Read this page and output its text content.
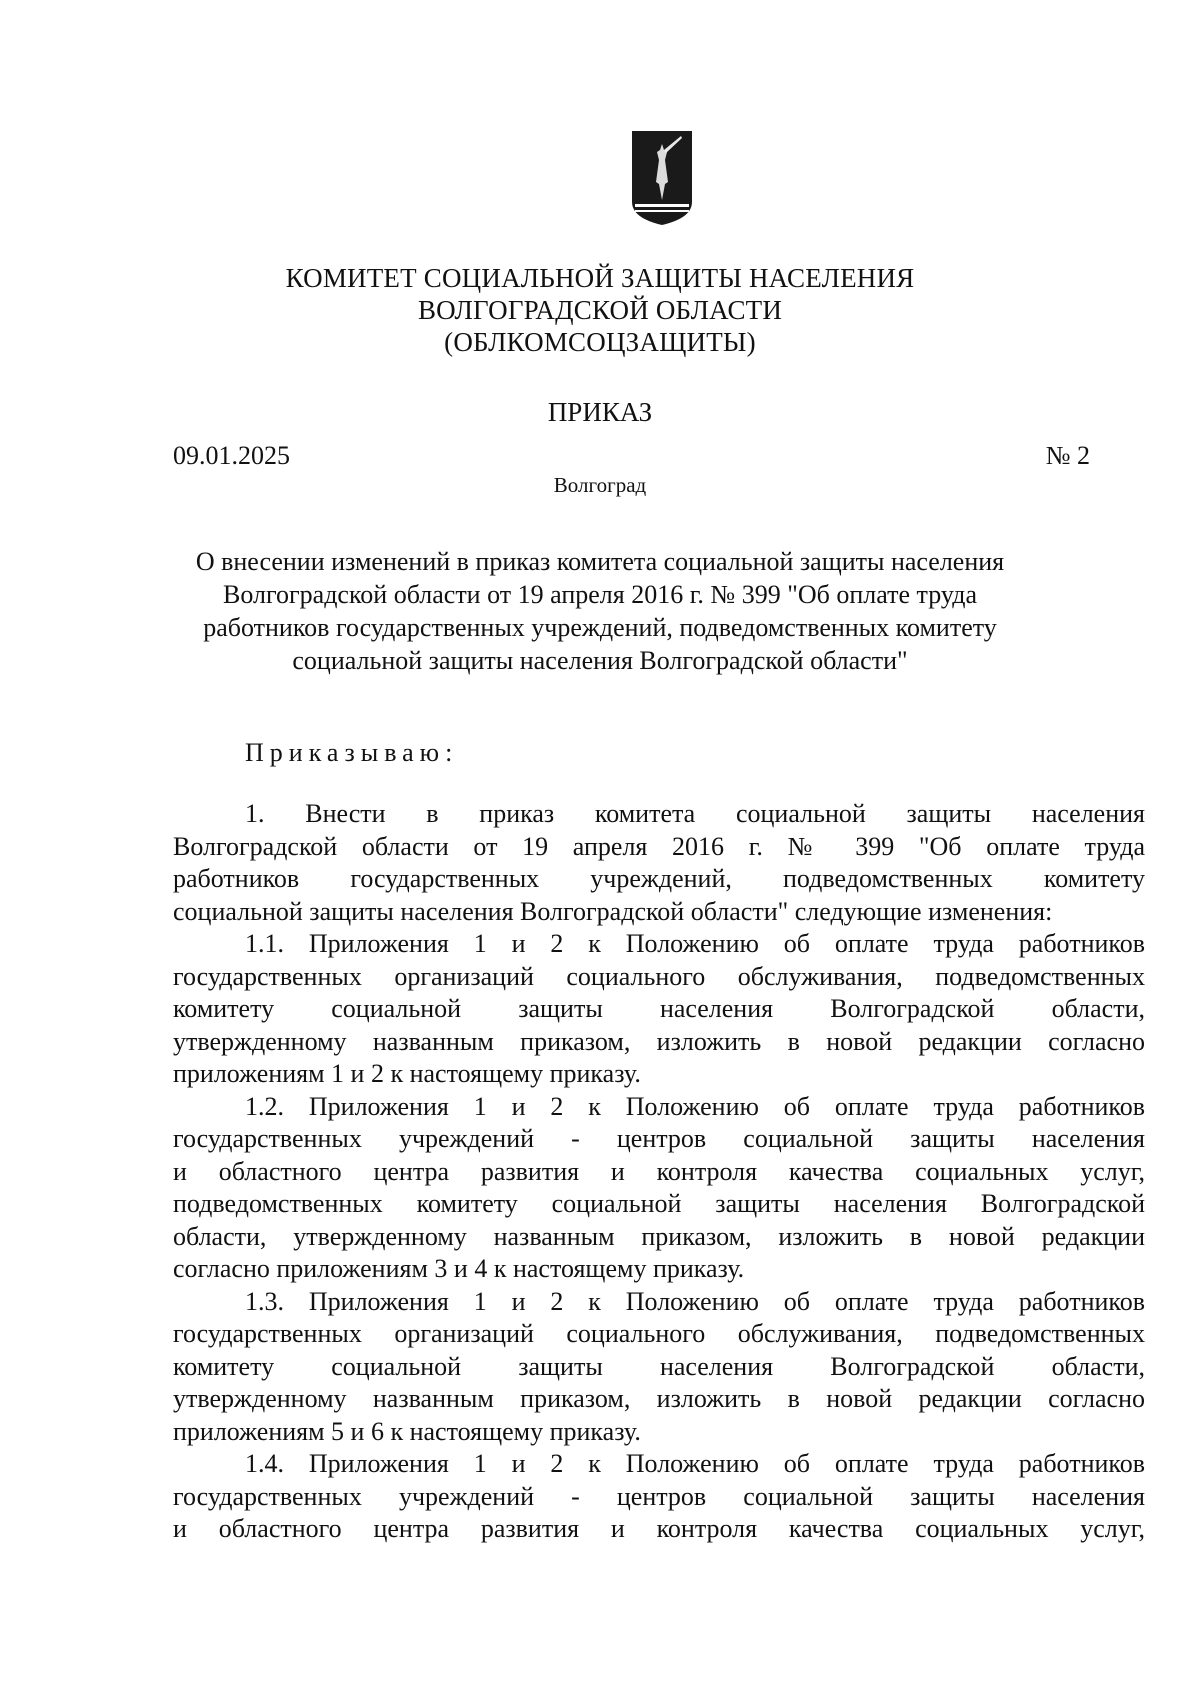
КОМИТЕТ СОЦИАЛЬНОЙ ЗАЩИТЫ НАСЕЛЕНИЯ
ВОЛГОГРАДСКОЙ ОБЛАСТИ
(ОБЛКОМСОЦЗАЩИТЫ)
ПРИКАЗ
09.01.2025	№ 2
Волгоград
О внесении изменений в приказ комитета социальной защиты населения
Волгоградской области от 19 апреля 2016 г. № 399 "Об оплате труда
работников государственных учреждений, подведомственных комитету
социальной защиты населения Волгоградской области"
Приказываю:
1. Внести в приказ комитета социальной защиты населения
Волгоградской области от 19 апреля 2016 г. № 399 "Об оплате труда
работников государственных учреждений, подведомственных комитету
социальной защиты населения Волгоградской области" следующие изменения:
1.1. Приложения 1 и 2 к Положению об оплате труда работников
государственных организаций социального обслуживания, подведомственных
комитету социальной защиты населения Волгоградской области,
утвержденному названным приказом, изложить в новой редакции согласно
приложениям 1 и 2 к настоящему приказу.
1.2. Приложения 1 и 2 к Положению об оплате труда работников
государственных учреждений - центров социальной защиты населения
и областного центра развития и контроля качества социальных услуг,
подведомственных комитету социальной защиты населения Волгоградской
области, утвержденному названным приказом, изложить в новой редакции
согласно приложениям 3 и 4 к настоящему приказу.
1.3. Приложения 1 и 2 к Положению об оплате труда работников
государственных организаций социального обслуживания, подведомственных
комитету социальной защиты населения Волгоградской области,
утвержденному названным приказом, изложить в новой редакции согласно
приложениям 5 и 6 к настоящему приказу.
1.4. Приложения 1 и 2 к Положению об оплате труда работников
государственных учреждений - центров социальной защиты населения
и областного центра развития и контроля качества социальных услуг,
